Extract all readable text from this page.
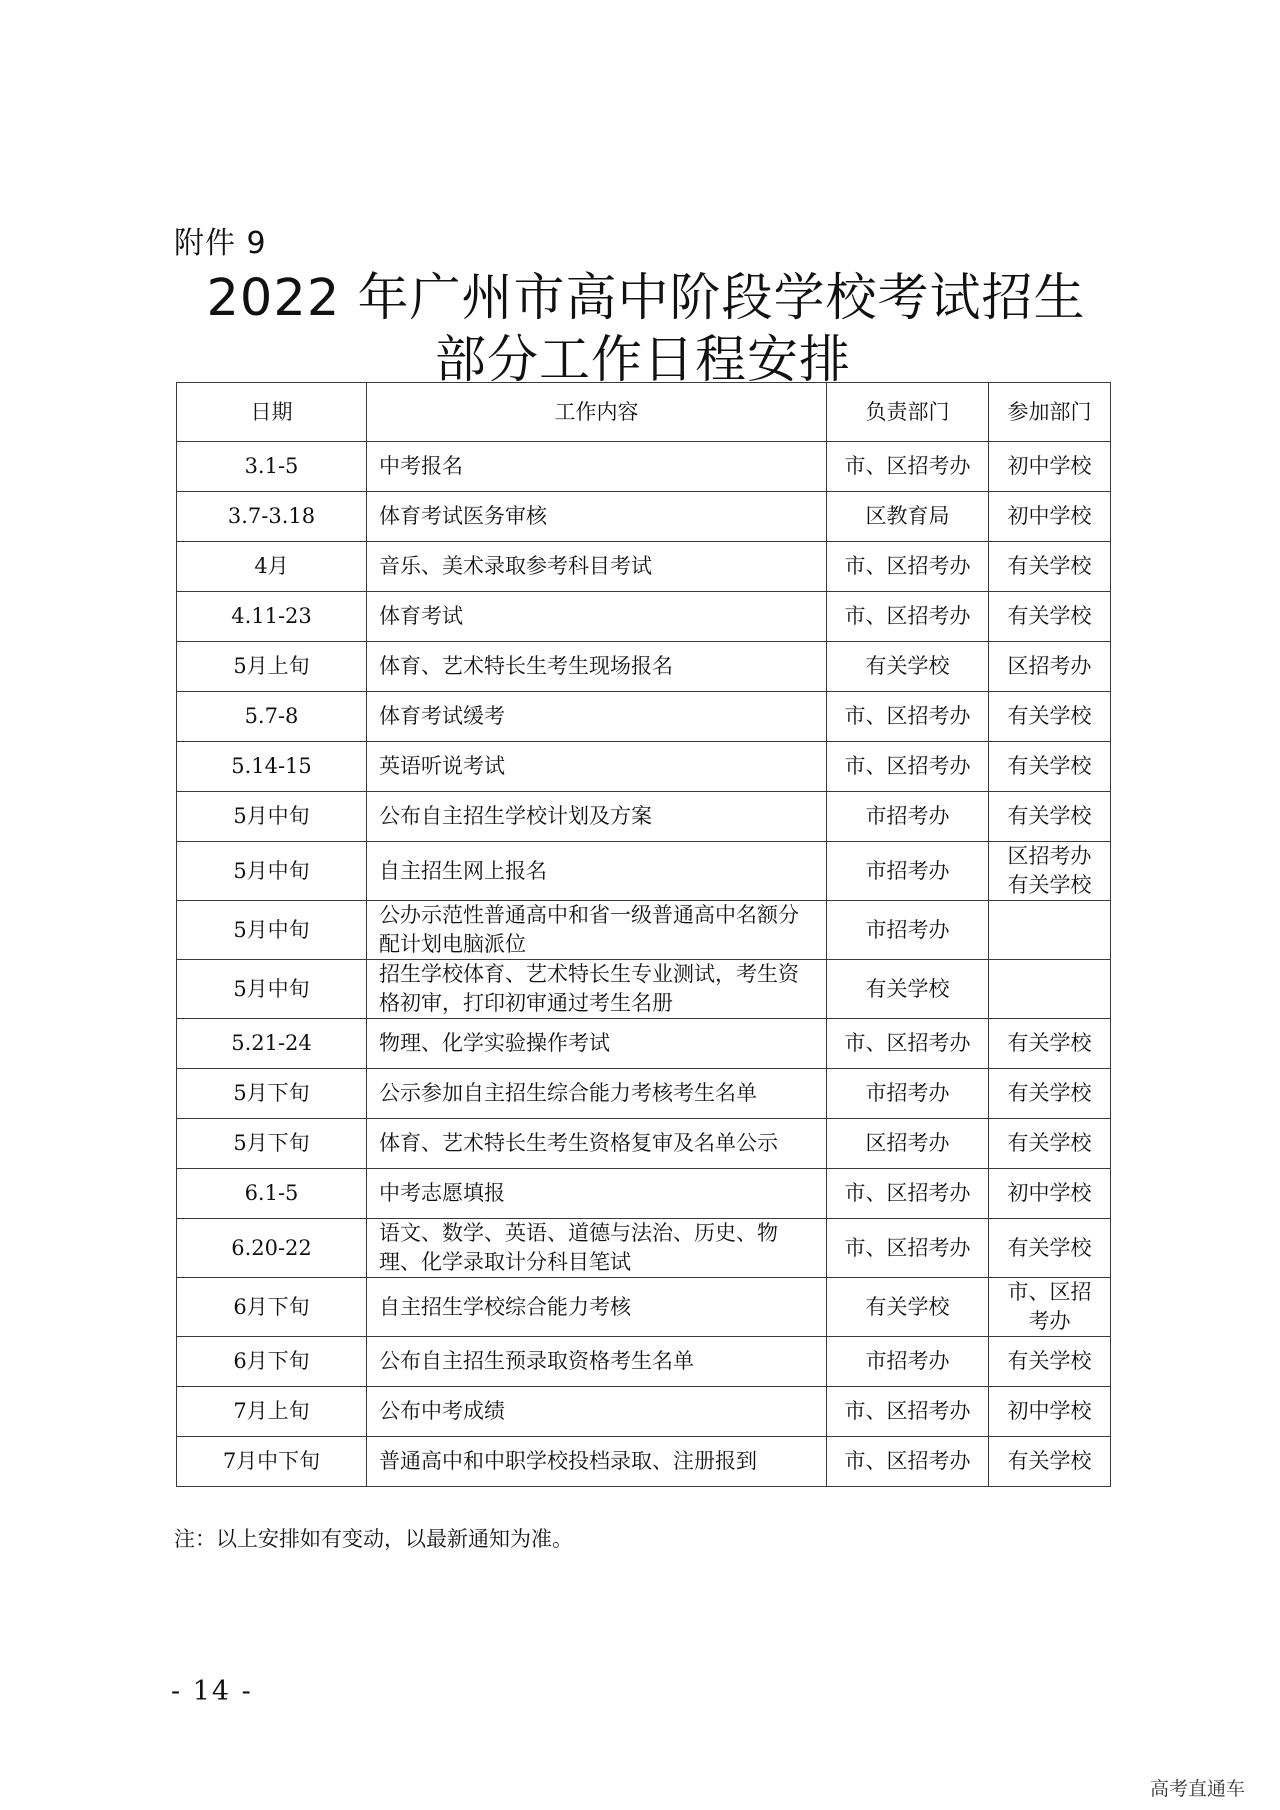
附件 9
2022 年广州市高中阶段学校考试招生
部分工作日程安排
日期	工作内容	负责部门	参加部门
3.1-5	中考报名	市、区招考办	初中学校
3.7-3.18	体育考试医务审核	区教育局	初中学校
4月	音乐、美术录取参考科目考试	市、区招考办	有关学校
4.11-23	体育考试	市、区招考办	有关学校
5月上旬	体育、艺术特长生考生现场报名	有关学校	区招考办
5.7-8	体育考试缓考	市、区招考办	有关学校
5.14-15	英语听说考试	市、区招考办	有关学校
5月中旬	公布自主招生学校计划及方案	市招考办	有关学校
5月中旬	自主招生网上报名	市招考办	区招考办
有关学校
5月中旬	公办示范性普通高中和省一级普通高中名额分配计划电脑派位	市招考办	
5月中旬	招生学校体育、艺术特长生专业测试，考生资格初审，打印初审通过考生名册	有关学校	
5.21-24	物理、化学实验操作考试	市、区招考办	有关学校
5月下旬	公示参加自主招生综合能力考核考生名单	市招考办	有关学校
5月下旬	体育、艺术特长生考生资格复审及名单公示	区招考办	有关学校
6.1-5	中考志愿填报	市、区招考办	初中学校
6.20-22	语文、数学、英语、道德与法治、历史、物理、化学录取计分科目笔试	市、区招考办	有关学校
6月下旬	自主招生学校综合能力考核	有关学校	市、区招考办
6月下旬	公布自主招生预录取资格考生名单	市招考办	有关学校
7月上旬	公布中考成绩	市、区招考办	初中学校
7月中下旬	普通高中和中职学校投档录取、注册报到	市、区招考办	有关学校
注：以上安排如有变动，以最新通知为准。
- 14 -
高考直通车
